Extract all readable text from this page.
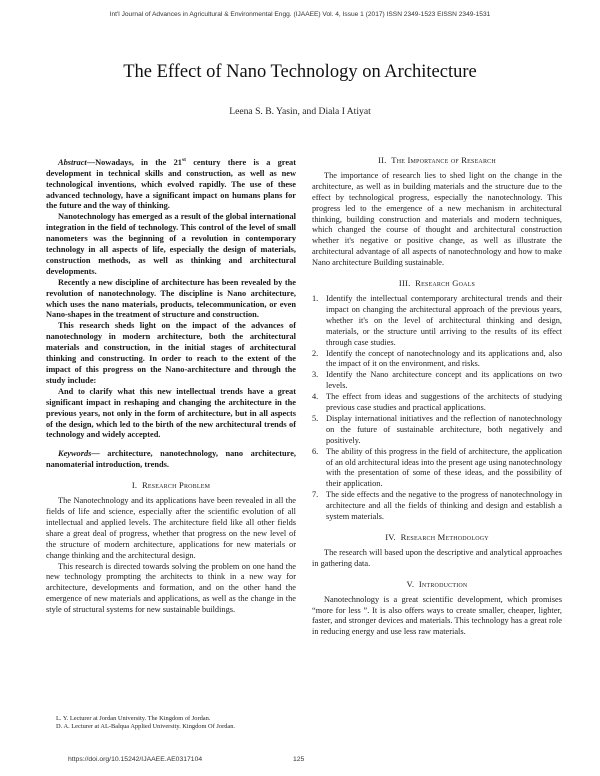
Int'l Journal of Advances in Agricultural & Environmental Engg. (IJAAEE) Vol. 4, Issue 1 (2017) ISSN 2349-1523 EISSN 2349-1531
The Effect of Nano Technology on Architecture
Leena S. B. Yasin, and Diala I Atiyat

Abstract—Nowadays, in the 21st century there is a great development in technical skills and construction, as well as new technological inventions, which evolved rapidly. The use of these advanced technology, have a significant impact on humans plans for the future and the way of thinking.

Nanotechnology has emerged as a result of the global international integration in the field of technology. This control of the level of small nanometers was the beginning of a revolution in contemporary technology in all aspects of life, especially the design of materials, construction methods, as well as thinking and architectural developments.

Recently a new discipline of architecture has been revealed by the revolution of nanotechnology. The discipline is Nano architecture, which uses the nano materials, products, telecommunication, or even Nano-shapes in the treatment of structure and construction.

This research sheds light on the impact of the advances of nanotechnology in modern architecture, both the architectural materials and construction, in the initial stages of architectural thinking and constructing. In order to reach to the extent of the impact of this progress on the Nano-architecture and through the study include:

And to clarify what this new intellectual trends have a great significant impact in reshaping and changing the architecture in the previous years, not only in the form of architecture, but in all aspects of the design, which led to the birth of the new architectural trends of technology and widely accepted.

Keywords— architecture, nanotechnology, nano architecture, nanomaterial introduction, trends.

I. Research Problem

The Nanotechnology and its applications have been revealed in all the fields of life and science, especially after the scientific evolution of all intellectual and applied levels. The architecture field like all other fields share a great deal of progress, whether that progress on the new level of the structure of modern architecture, applications for new materials or change thinking and the architectural design.

This research is directed towards solving the problem on one hand the new technology prompting the architects to think in a new way for architecture, developments and formation, and on the other hand the emergence of new materials and applications, as well as the change in the style of structural systems for new sustainable buildings.

II. The Importance of Research

The importance of research lies to shed light on the change in the architecture, as well as in building materials and the structure due to the effect by technological progress, especially the nanotechnology. This progress led to the emergence of a new mechanism in architectural thinking, building construction and materials and modern techniques, which changed the course of thought and architectural construction whether it's negative or positive change, as well as illustrate the architectural advantage of all aspects of nanotechnology and how to make Nano architecture Building sustainable.

III. Research Goals
1. Identify the intellectual contemporary architectural trends and their impact on changing the architectural approach of the previous years, whether it's on the level of architectural thinking and design, materials, or the structure until arriving to the results of its effect through case studies.
2. Identify the concept of nanotechnology and its applications and, also the impact of it on the environment, and risks.
3. Identify the Nano architecture concept and its applications on two levels.
4. The effect from ideas and suggestions of the architects of studying previous case studies and practical applications.
5. Display international initiatives and the reflection of nanotechnology on the future of sustainable architecture, both negatively and positively.
6. The ability of this progress in the field of architecture, the application of an old architectural ideas into the present age using nanotechnology with the presentation of some of these ideas, and the possibility of their application.
7. The side effects and the negative to the progress of nanotechnology in architecture and all the fields of thinking and design and establish a system materials.
IV. Research Methodology

The research will based upon the descriptive and analytical approaches in gathering data.

V. Introduction

Nanotechnology is a great scientific development, which promises “more for less ”. It is also offers ways to create smaller, cheaper, lighter, faster, and stronger devices and materials. This technology has a great role in reducing energy and use less raw materials.

L. Y. Lecturer at Jordan University. The Kingdom of Jordan.
D. A. Lecturer at AL-Balqua Applied University. Kingdom Of Jordan.
https://doi.org/10.15242/IJAAEE.AE0317104	125
